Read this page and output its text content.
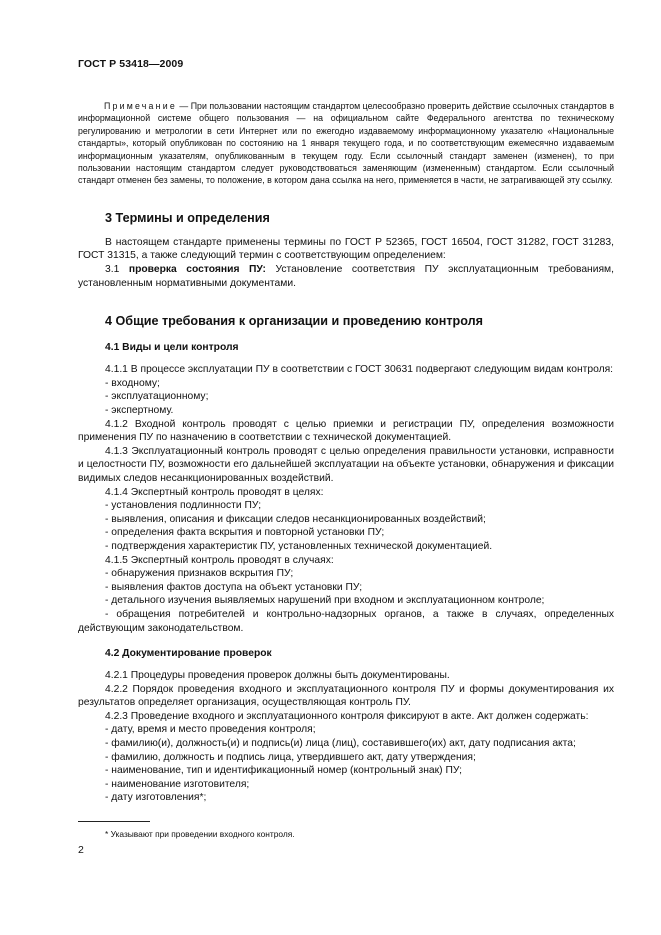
ГОСТ Р 53418—2009

Примечание — При пользовании настоящим стандартом целесообразно проверить действие ссылочных стандартов в информационной системе общего пользования — на официальном сайте Федерального агентства по техническому регулированию и метрологии в сети Интернет или по ежегодно издаваемому информационному указателю «Национальные стандарты», который опубликован по состоянию на 1 января текущего года, и по соответствующим ежемесячно издаваемым информационным указателям, опубликованным в текущем году. Если ссылочный стандарт заменен (изменен), то при пользовании настоящим стандартом следует руководствоваться заменяющим (измененным) стандартом. Если ссылочный стандарт отменен без замены, то положение, в котором дана ссылка на него, применяется в части, не затрагивающей эту ссылку.

3 Термины и определения

В настоящем стандарте применены термины по ГОСТ Р 52365, ГОСТ 16504, ГОСТ 31282, ГОСТ 31283, ГОСТ 31315, а также следующий термин с соответствующим определением:

3.1 проверка состояния ПУ: Установление соответствия ПУ эксплуатационным требованиям, установленным нормативными документами.

4 Общие требования к организации и проведению контроля
4.1 Виды и цели контроля

4.1.1 В процессе эксплуатации ПУ в соответствии с ГОСТ 30631 подвергают следующим видам контроля:

- входному;
- эксплуатационному;
- экспертному.

4.1.2 Входной контроль проводят с целью приемки и регистрации ПУ, определения возможности применения ПУ по назначению в соответствии с технической документацией.

4.1.3 Эксплуатационный контроль проводят с целью определения правильности установки, исправности и целостности ПУ, возможности его дальнейшей эксплуатации на объекте установки, обнаружения и фиксации видимых следов несанкционированных воздействий.

4.1.4 Экспертный контроль проводят в целях:

- установления подлинности ПУ;
- выявления, описания и фиксации следов несанкционированных воздействий;
- определения факта вскрытия и повторной установки ПУ;
- подтверждения характеристик ПУ, установленных технической документацией.

4.1.5 Экспертный контроль проводят в случаях:

- обнаружения признаков вскрытия ПУ;
- выявления фактов доступа на объект установки ПУ;
- детального изучения выявляемых нарушений при входном и эксплуатационном контроле;
- обращения потребителей и контрольно-надзорных органов, а также в случаях, определенных действующим законодательством.
4.2 Документирование проверок

4.2.1 Процедуры проведения проверок должны быть документированы.

4.2.2 Порядок проведения входного и эксплуатационного контроля ПУ и формы документирования их результатов определяет организация, осуществляющая контроль ПУ.

4.2.3 Проведение входного и эксплуатационного контроля фиксируют в акте. Акт должен содержать:

- дату, время и место проведения контроля;
- фамилию(и), должность(и) и подпись(и) лица (лиц), составившего(их) акт, дату подписания акта;
- фамилию, должность и подпись лица, утвердившего акт, дату утверждения;
- наименование, тип и идентификационный номер (контрольный знак) ПУ;
- наименование изготовителя;
- дату изготовления*;
* Указывают при проведении входного контроля.
2
